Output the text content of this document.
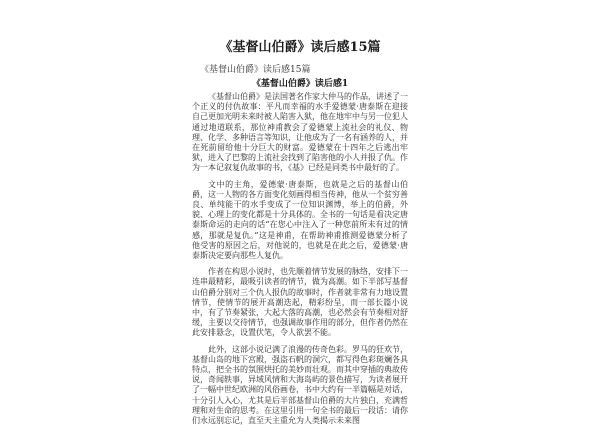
《基督山伯爵》读后感15篇
《基督山伯爵》读后感15篇
《基督山伯爵》读后感1

《基督山伯爵》是法国著名作家大仲马的作品，讲述了一个正义的付仇故事：平凡而幸福的水手爱德蒙·唐泰斯在迎接自己更加光明未来时被人陷害入狱，他在地牢中与另一位犯人通过地道联系，那位神甫教会了爱德蒙上流社会的礼仪、物理、化学、多种语言等知识，让他成为了一名有涵养的人，并在死前留给他十分巨大的财富。爱德蒙在十四年之后逃出牢狱，进入了巴黎的上流社会找到了陷害他的小人并报了仇。作为一本记叙复仇故事的书，《基》已经是同类书中最好的了。

文中的主角，爱德蒙·唐泰斯，也就是之后的基督山伯爵，这一人物的各方面变化刻画得相当传神，他从一个贫穷善良、单纯能干的水手变成了一位知识渊博，举上的伯爵，外貌、心理上的变化都是十分具体的。全书的一句话是看决定唐泰斯命运的走向的话“在您心中注入了一种您前所未有过的情感，那就是复仇。”这是神甫，在帮助神甫推测爱德蒙分析了他受害的原因之后，对他说的，也就是在此之后，爱德蒙·唐泰斯决定要向那些人复仇。

作者在构思小说时，也先顺着情节发展的脉络，安排下一连串最精彩，最吸引读者的情节，做为高潮。如下半部写基督山伯爵分别对三个仇人报仇的故事时，作者就非常有力地设置情节，使情节的展开高潮迭起，精彩纷呈，而一部长篇小说中，有了节奏紧张，大起大落的高潮，也必然会有节奏相对舒缓，主要以交待情节，也强调故事作用的部分，但作者仍然在此安排悬念，设置伏笔，令人欲罢不能。

此外，这部小说记满了浪漫的传奇色彩。罗马的狂欢节，基督山岛的地下宫殿，强盗石帆的洞穴，都写得色彩斑斓各具特点，把全书的氛围烘托的美妙而壮观。而其中穿插的典故传说，奇闻轶事，异域风情和大海岛屿的景色描写，为读者展开了一幅中世纪欧洲的风俗画卷，书中大约有一半篇幅是对话，十分引人入心，尤其是后半部基督山伯爵的大片独白，充满哲理和对生命的思考。在这里引用一句全书的最后一段话：请你们永远别忘记，直至天主重允为人类揭示未来图
